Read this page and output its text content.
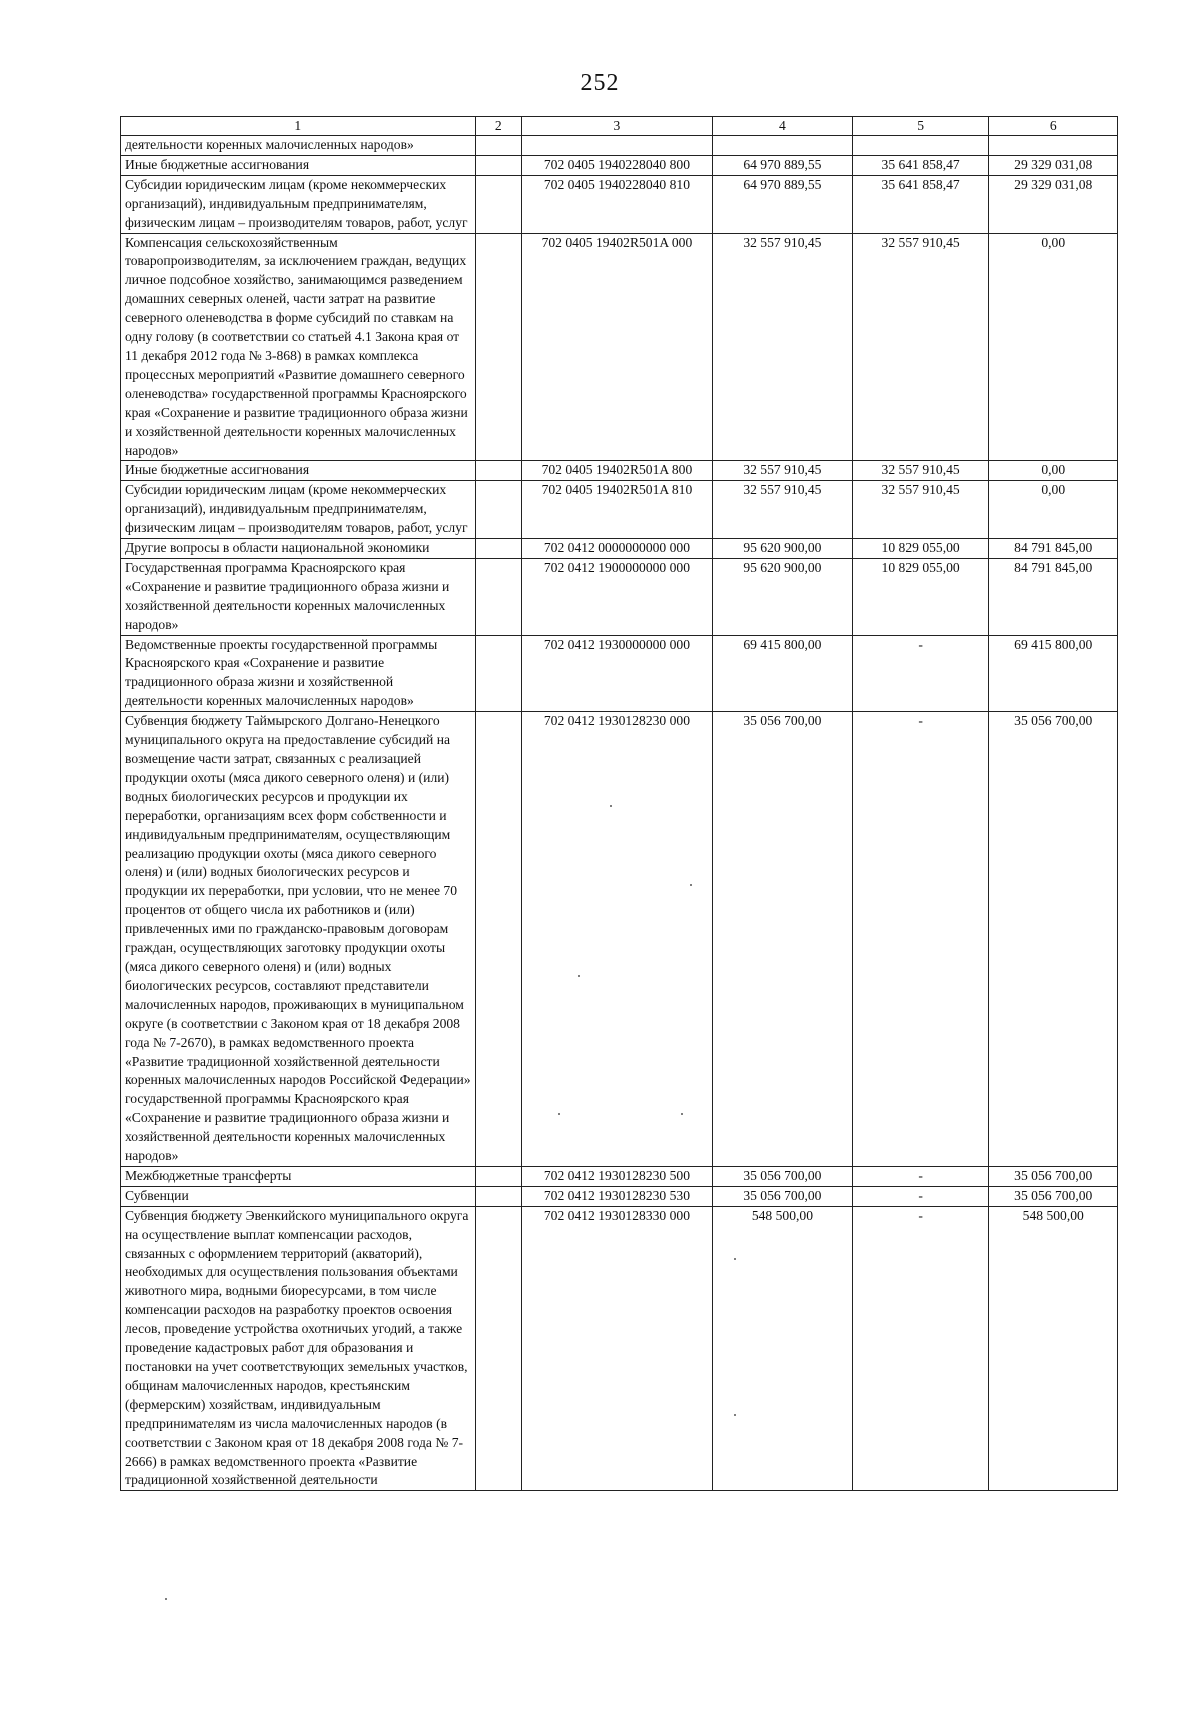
252
1	2	3	4	5	6
деятельности коренных малочисленных народов»					
Иные бюджетные ассигнования		702 0405 1940228040 800	64 970 889,55	35 641 858,47	29 329 031,08
Субсидии юридическим лицам (кроме некоммерческих организаций), индивидуальным предпринимателям, физическим лицам – производителям товаров, работ, услуг		702 0405 1940228040 810	64 970 889,55	35 641 858,47	29 329 031,08
Компенсация сельскохозяйственным товаропроизводителям, за исключением граждан, ведущих личное подсобное хозяйство, занимающимся разведением домашних северных оленей, части затрат на развитие северного оленеводства в форме субсидий по ставкам на одну голову (в соответствии со статьей 4.1 Закона края от 11 декабря 2012 года № 3-868) в рамках комплекса процессных мероприятий «Развитие домашнего северного оленеводства» государственной программы Красноярского края «Сохранение и развитие традиционного образа жизни и хозяйственной деятельности коренных малочисленных народов»		702 0405 19402R501A 000	32 557 910,45	32 557 910,45	0,00
Иные бюджетные ассигнования		702 0405 19402R501A 800	32 557 910,45	32 557 910,45	0,00
Субсидии юридическим лицам (кроме некоммерческих организаций), индивидуальным предпринимателям, физическим лицам – производителям товаров, работ, услуг		702 0405 19402R501A 810	32 557 910,45	32 557 910,45	0,00
Другие вопросы в области национальной экономики		702 0412 0000000000 000	95 620 900,00	10 829 055,00	84 791 845,00
Государственная программа Красноярского края «Сохранение и развитие традиционного образа жизни и хозяйственной деятельности коренных малочисленных народов»		702 0412 1900000000 000	95 620 900,00	10 829 055,00	84 791 845,00
Ведомственные проекты государственной программы Красноярского края «Сохранение и развитие традиционного образа жизни и хозяйственной деятельности коренных малочисленных народов»		702 0412 1930000000 000	69 415 800,00	-	69 415 800,00
Субвенция бюджету Таймырского Долгано-Ненецкого муниципального округа на предоставление субсидий на возмещение части затрат, связанных с реализацией продукции охоты (мяса дикого северного оленя) и (или) водных биологических ресурсов и продукции их переработки, организациям всех форм собственности и индивидуальным предпринимателям, осуществляющим реализацию продукции охоты (мяса дикого северного оленя) и (или) водных биологических ресурсов и продукции их переработки, при условии, что не менее 70 процентов от общего числа их работников и (или) привлеченных ими по гражданско-правовым договорам граждан, осуществляющих заготовку продукции охоты (мяса дикого северного оленя) и (или) водных биологических ресурсов, составляют представители малочисленных народов, проживающих в муниципальном округе (в соответствии с Законом края от 18 декабря 2008 года № 7-2670), в рамках ведомственного проекта «Развитие традиционной хозяйственной деятельности коренных малочисленных народов Российской Федерации» государственной программы Красноярского края «Сохранение и развитие традиционного образа жизни и хозяйственной деятельности коренных малочисленных народов»		702 0412 1930128230 000	35 056 700,00	-	35 056 700,00
Межбюджетные трансферты		702 0412 1930128230 500	35 056 700,00	-	35 056 700,00
Субвенции		702 0412 1930128230 530	35 056 700,00	-	35 056 700,00
Субвенция бюджету Эвенкийского муниципального округа на осуществление выплат компенсации расходов, связанных с оформлением территорий (акваторий), необходимых для осуществления пользования объектами животного мира, водными биоресурсами, в том числе компенсации расходов на разработку проектов освоения лесов, проведение устройства охотничьих угодий, а также проведение кадастровых работ для образования и постановки на учет соответствующих земельных участков, общинам малочисленных народов, крестьянским (фермерским) хозяйствам, индивидуальным предпринимателям из числа малочисленных народов (в соответствии с Законом края от 18 декабря 2008 года № 7-2666) в рамках ведомственного проекта «Развитие традиционной хозяйственной деятельности		702 0412 1930128330 000	548 500,00	-	548 500,00
